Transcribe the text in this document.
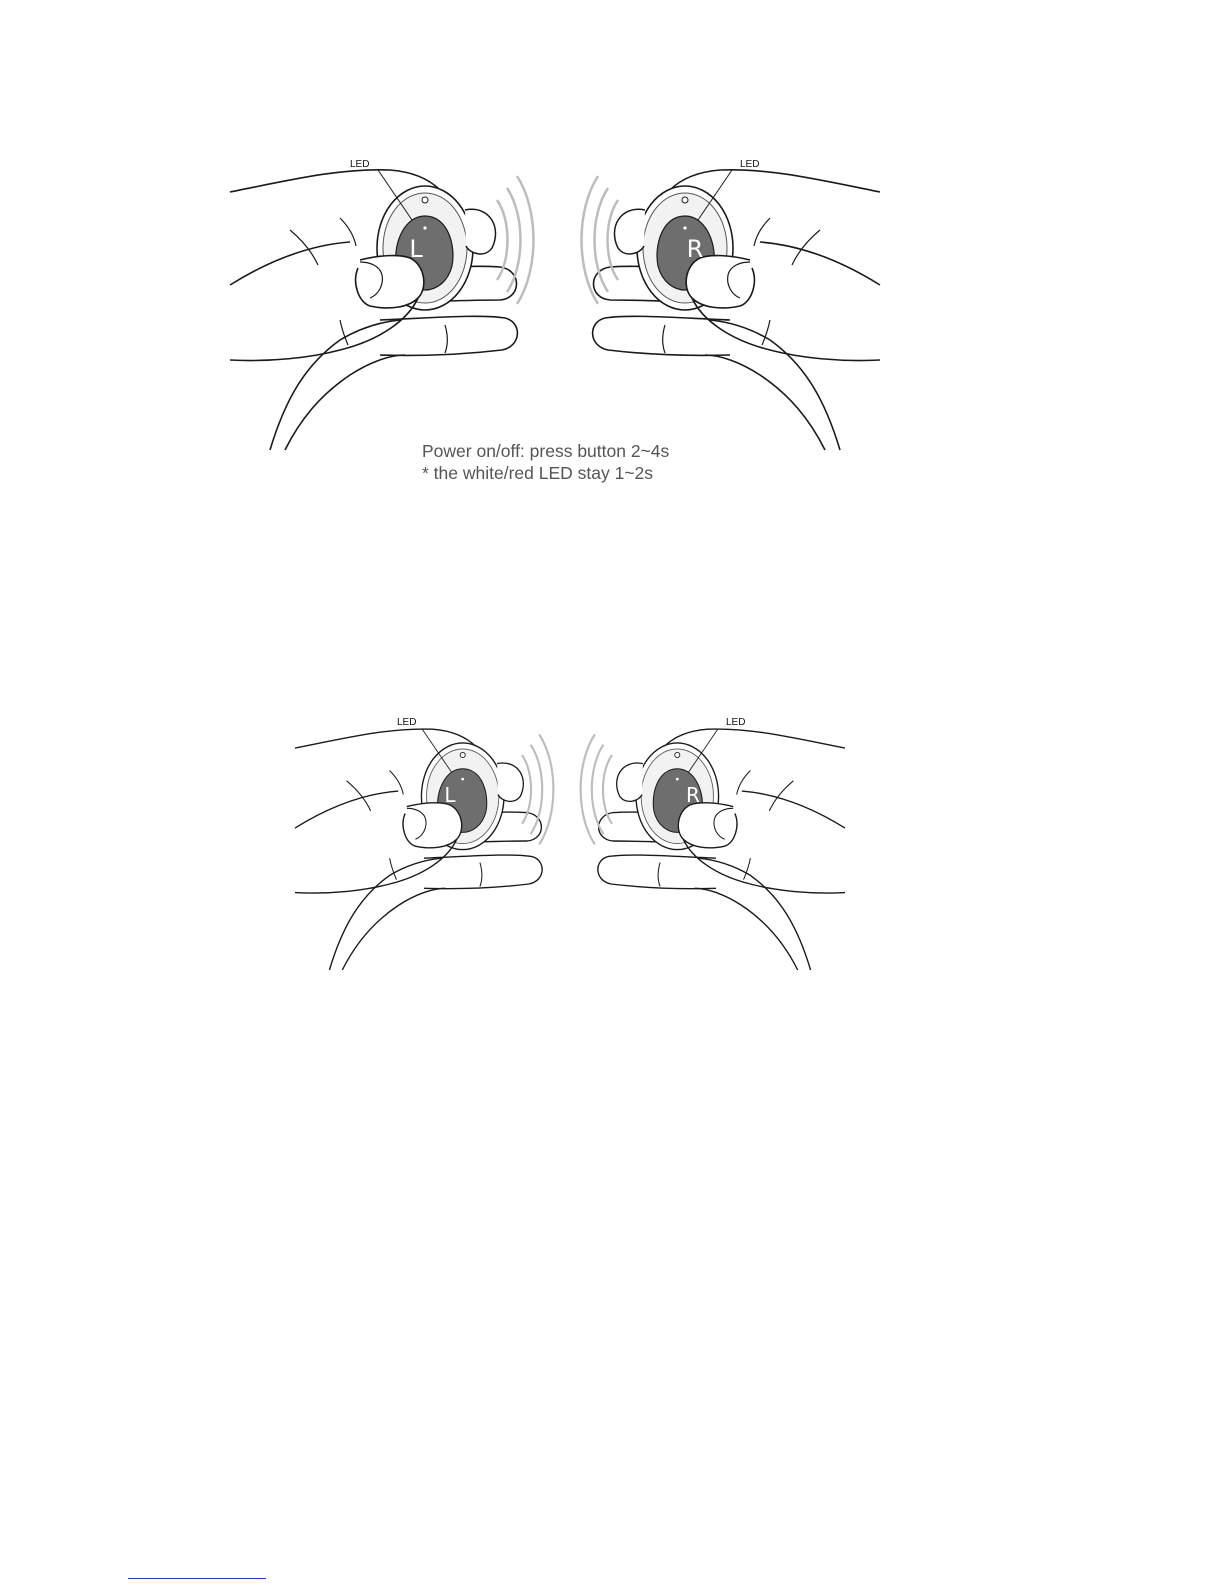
LED	LED
L	R
LED	LED
L	R
Power on/off: press button 2~4s
* the white/red LED stay 1~2s
